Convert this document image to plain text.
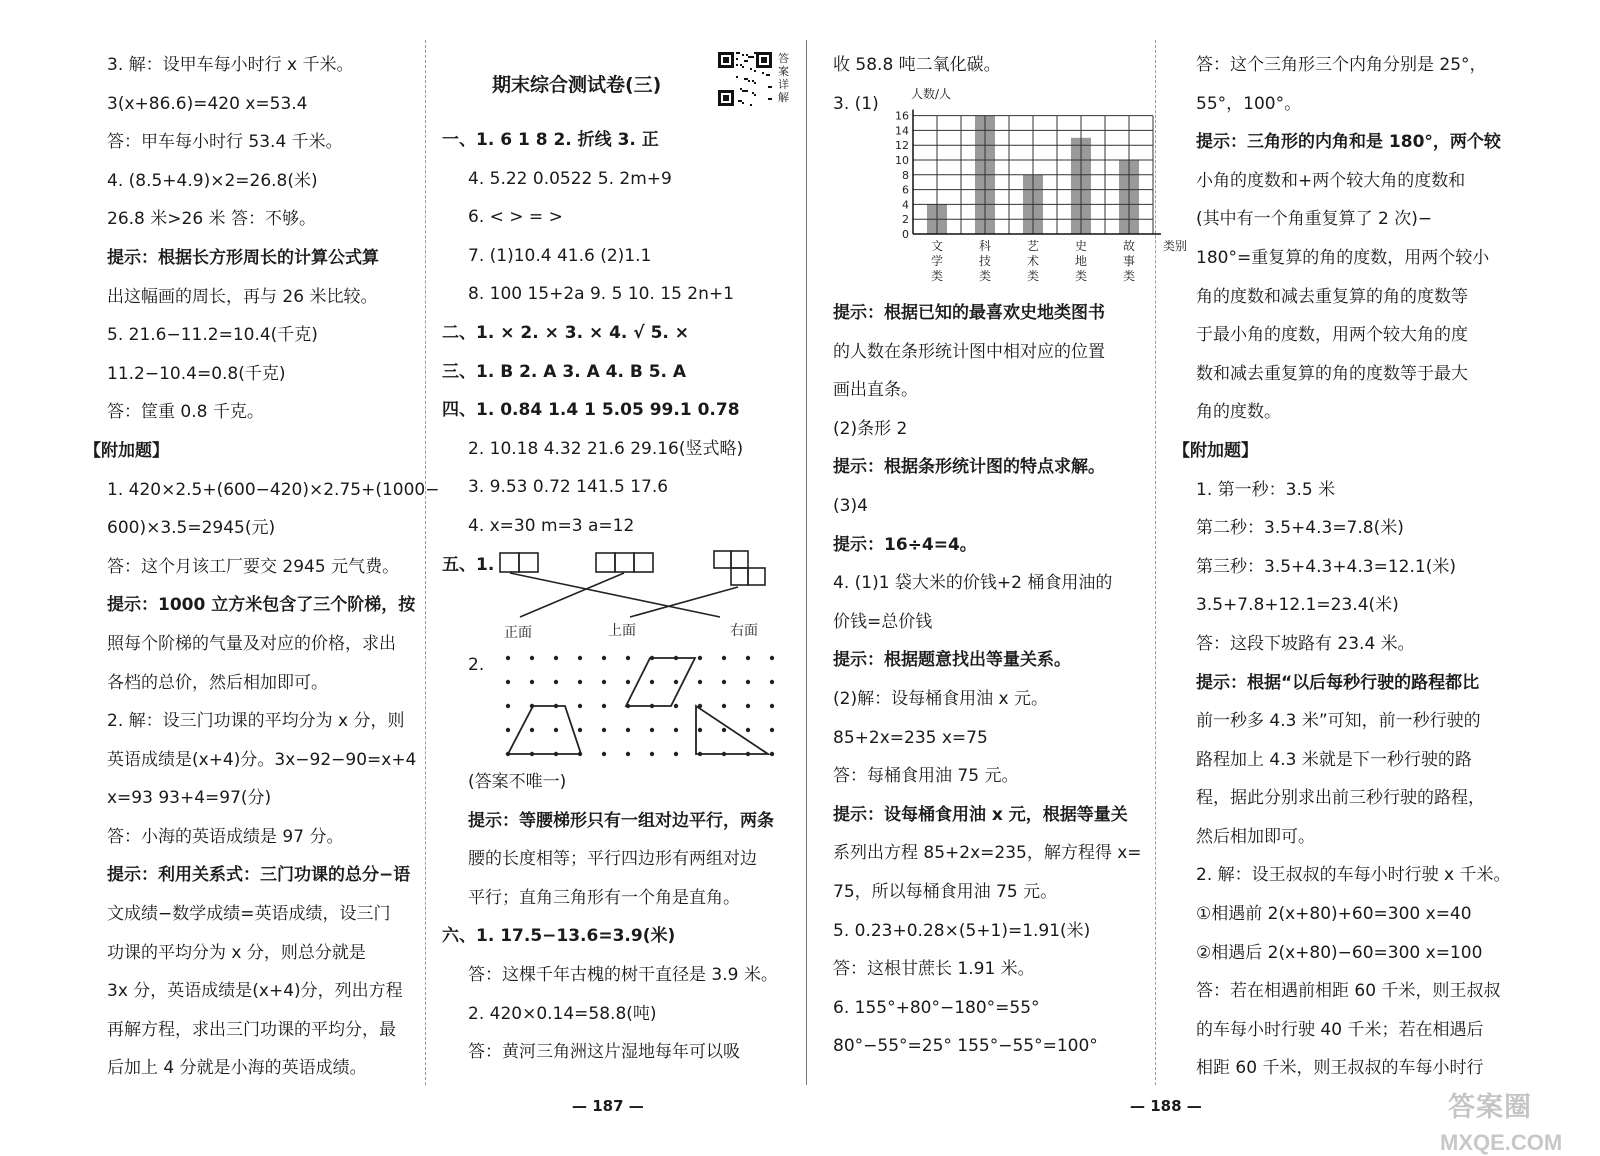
3. 解：设甲车每小时行 x 千米。
3(x+86.6)=420 x=53.4
答：甲车每小时行 53.4 千米。
4. (8.5+4.9)×2=26.8(米)
26.8 米>26 米 答：不够。
提示：根据长方形周长的计算公式算
出这幅画的周长，再与 26 米比较。
5. 21.6−11.2=10.4(千克)
11.2−10.4=0.8(千克)
答：筐重 0.8 千克。
【附加题】
1. 420×2.5+(600−420)×2.75+(1000−
600)×3.5=2945(元)
答：这个月该工厂要交 2945 元气费。
提示：1000 立方米包含了三个阶梯，按
照每个阶梯的气量及对应的价格，求出
各档的总价，然后相加即可。
2. 解：设三门功课的平均分为 x 分，则
英语成绩是(x+4)分。3x−92−90=x+4
x=93 93+4=97(分)
答：小海的英语成绩是 97 分。
提示：利用关系式：三门功课的总分−语
文成绩−数学成绩=英语成绩，设三门
功课的平均分为 x 分，则总分就是
3x 分，英语成绩是(x+4)分，列出方程
再解方程，求出三门功课的平均分，最
后加上 4 分就是小海的英语成绩。
期末综合测试卷(三)
答案详解
一、1. 6 1 8 2. 折线 3. 正
4. 5.22 0.0522 5. 2m+9
6. < > = >
7. (1)10.4 41.6 (2)1.1
8. 100 15+2a 9. 5 10. 15 2n+1
二、1. × 2. × 3. × 4. √ 5. ×
三、1. B 2. A 3. A 4. B 5. A
四、1. 0.84 1.4 1 5.05 99.1 0.78
2. 10.18 4.32 21.6 29.16(竖式略)
3. 9.53 0.72 141.5 17.6
4. x=30 m=3 a=12
五、1.
2.
(答案不唯一)
提示：等腰梯形只有一组对边平行，两条
腰的长度相等；平行四边形有两组对边
平行；直角三角形有一个角是直角。
六、1. 17.5−13.6=3.9(米)
答：这棵千年古槐的树干直径是 3.9 米。
2. 420×0.14=58.8(吨)
答：黄河三角洲这片湿地每年可以吸
正面	上面	右面
收 58.8 吨二氧化碳。
3. (1)	人数/人
0
2
4
6
8
10
12
14
16
文
学
类
科
技
类
艺
术
类
史
地
类
故
事
类
类别
提示：根据已知的最喜欢史地类图书
的人数在条形统计图中相对应的位置
画出直条。
(2)条形 2
提示：根据条形统计图的特点求解。
(3)4
提示：16÷4=4。
4. (1)1 袋大米的价钱+2 桶食用油的
价钱=总价钱
提示：根据题意找出等量关系。
(2)解：设每桶食用油 x 元。
85+2x=235 x=75
答：每桶食用油 75 元。
提示：设每桶食用油 x 元，根据等量关
系列出方程 85+2x=235，解方程得 x=
75，所以每桶食用油 75 元。
5. 0.23+0.28×(5+1)=1.91(米)
答：这根甘蔗长 1.91 米。
6. 155°+80°−180°=55°
80°−55°=25° 155°−55°=100°
答：这个三角形三个内角分别是 25°，
55°，100°。
提示：三角形的内角和是 180°，两个较
小角的度数和+两个较大角的度数和
(其中有一个角重复算了 2 次)−
180°=重复算的角的度数，用两个较小
角的度数和减去重复算的角的度数等
于最小角的度数，用两个较大角的度
数和减去重复算的角的度数等于最大
角的度数。
【附加题】
1. 第一秒：3.5 米
第二秒：3.5+4.3=7.8(米)
第三秒：3.5+4.3+4.3=12.1(米)
3.5+7.8+12.1=23.4(米)
答：这段下坡路有 23.4 米。
提示：根据“以后每秒行驶的路程都比
前一秒多 4.3 米”可知，前一秒行驶的
路程加上 4.3 米就是下一秒行驶的路
程，据此分别求出前三秒行驶的路程，
然后相加即可。
2. 解：设王叔叔的车每小时行驶 x 千米。
①相遇前 2(x+80)+60=300 x=40
②相遇后 2(x+80)−60=300 x=100
答：若在相遇前相距 60 千米，则王叔叔
的车每小时行驶 40 千米；若在相遇后
相距 60 千米，则王叔叔的车每小时行
— 187 —	— 188 —	答案圈
MXQE.COM
